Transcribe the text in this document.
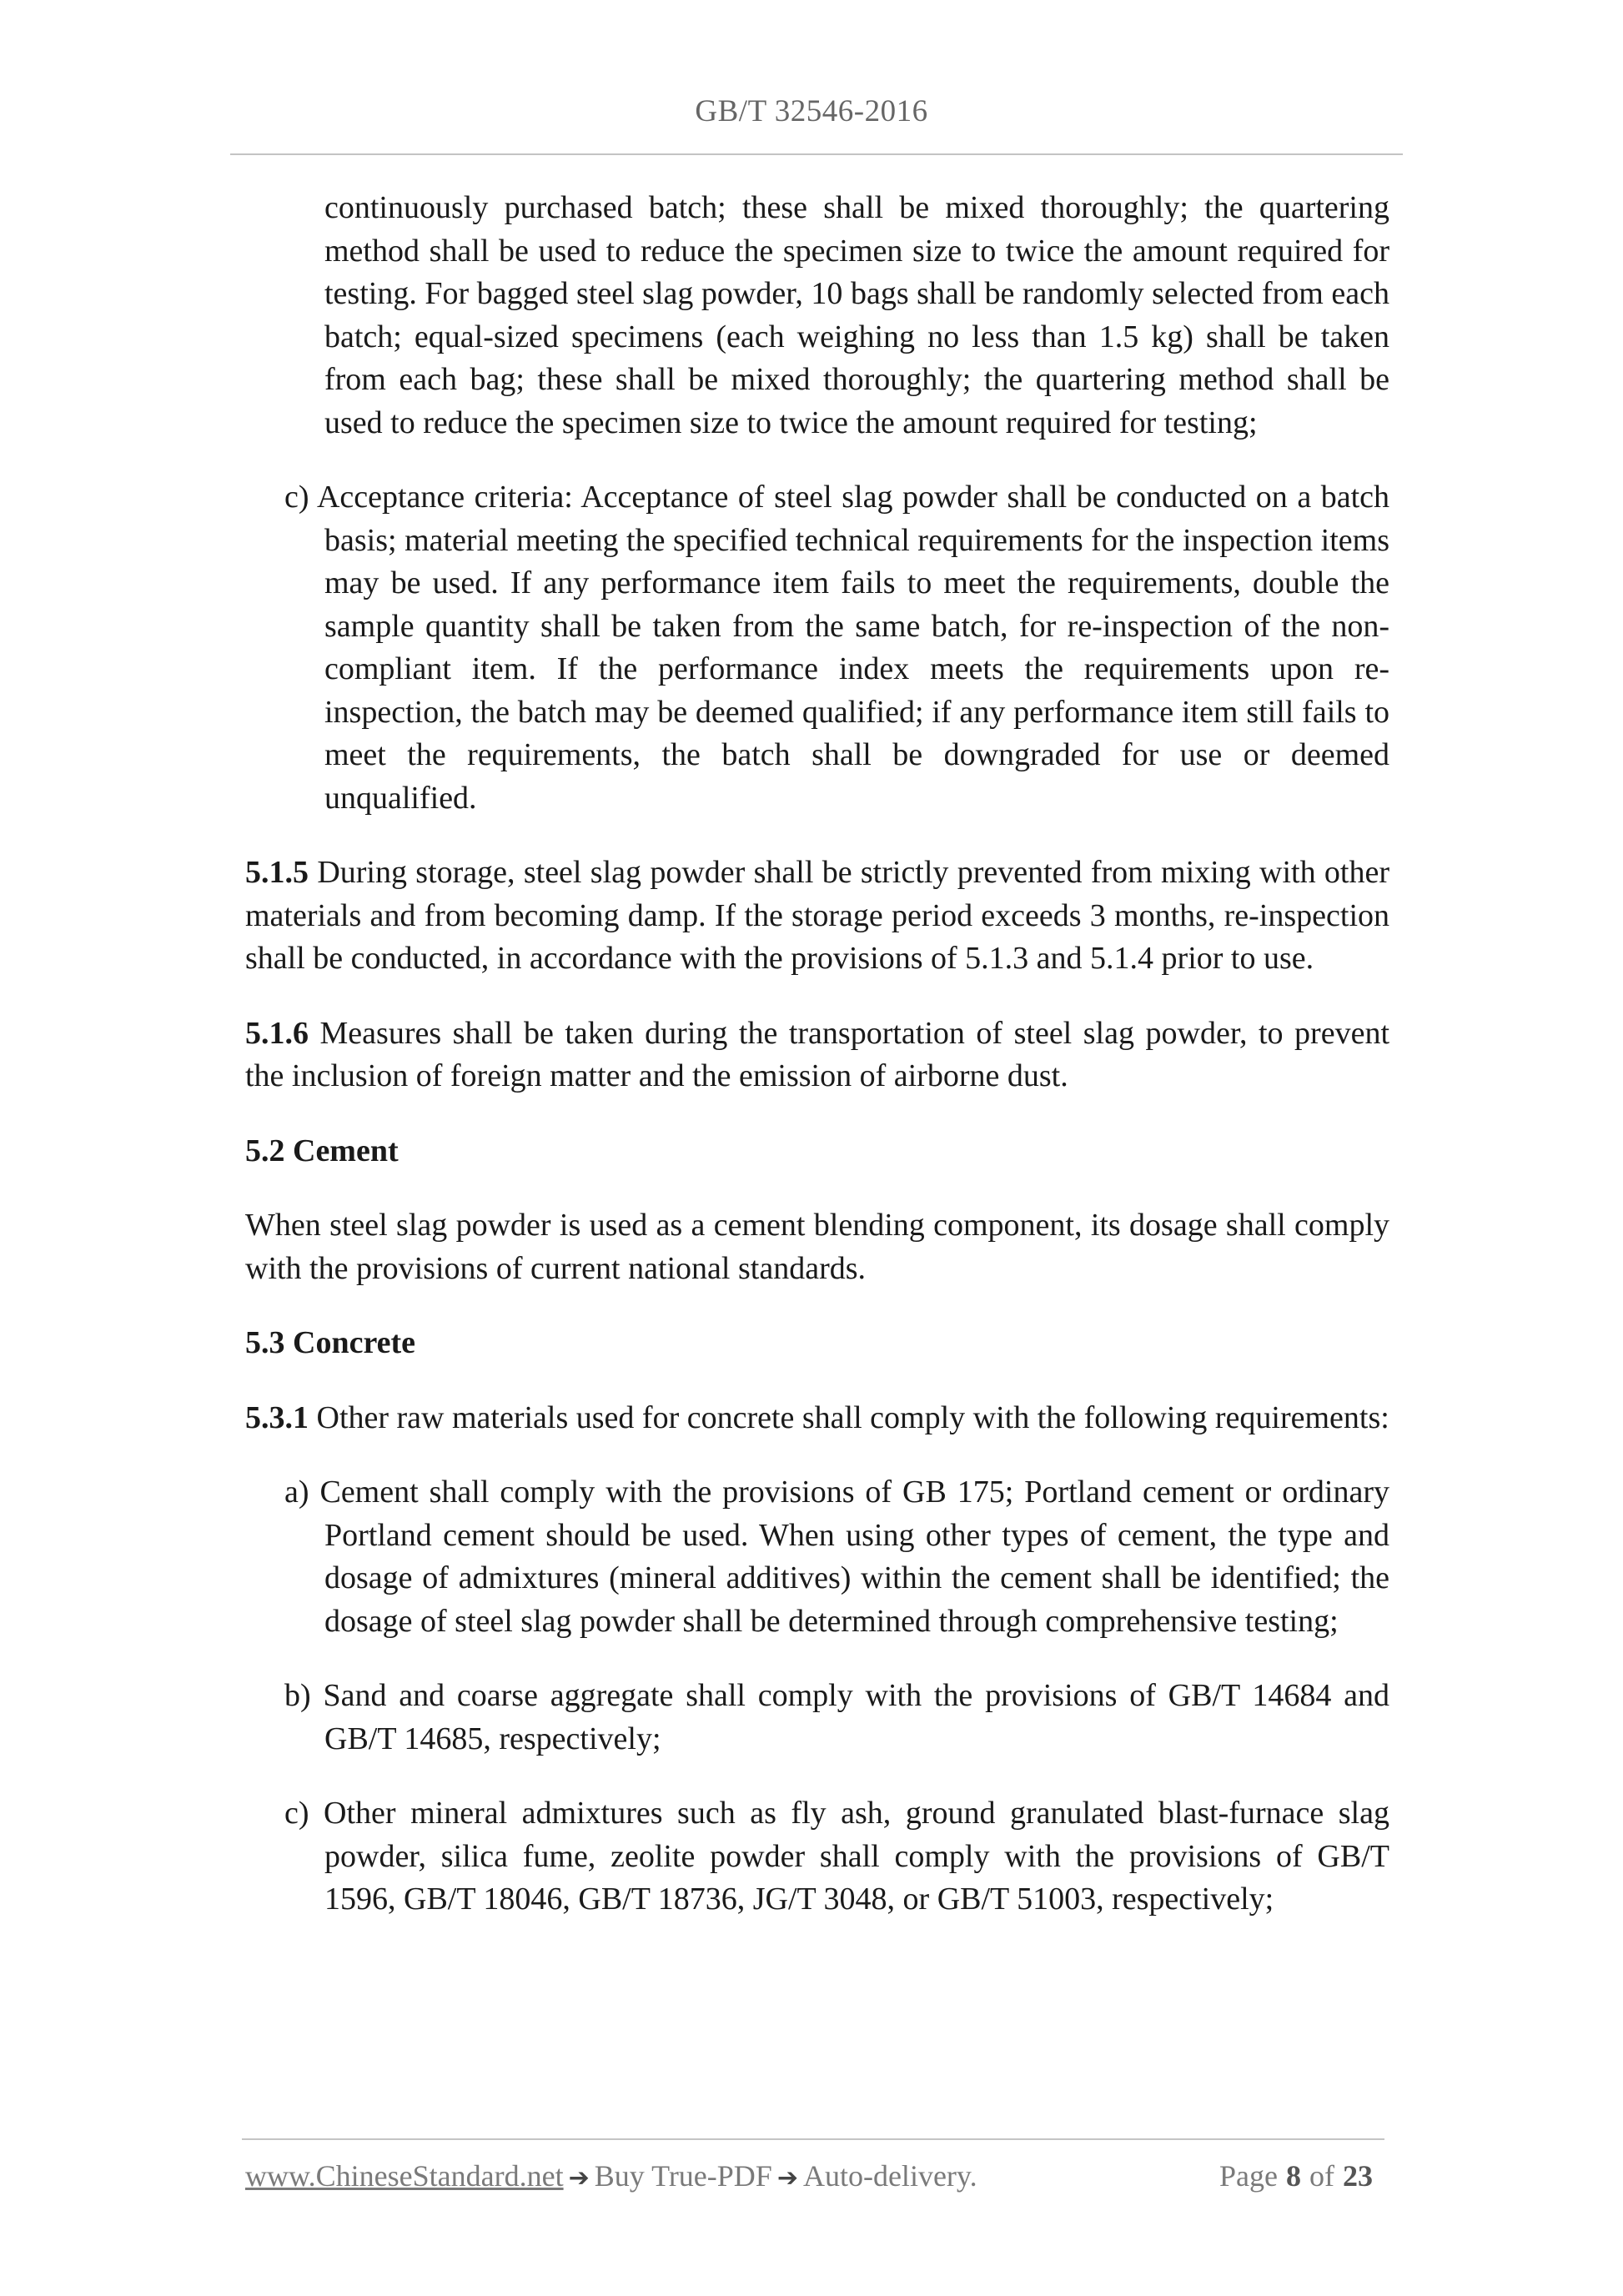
GB/T 32546-2016

continuously purchased batch; these shall be mixed thoroughly; the quartering method shall be used to reduce the specimen size to twice the amount required for testing. For bagged steel slag powder, 10 bags shall be randomly selected from each batch; equal-sized specimens (each weighing no less than 1.5 kg) shall be taken from each bag; these shall be mixed thoroughly; the quartering method shall be used to reduce the specimen size to twice the amount required for testing;

c) Acceptance criteria: Acceptance of steel slag powder shall be conducted on a batch basis; material meeting the specified technical requirements for the inspection items may be used. If any performance item fails to meet the requirements, double the sample quantity shall be taken from the same batch, for re-inspection of the non-compliant item. If the performance index meets the requirements upon re-inspection, the batch may be deemed qualified; if any performance item still fails to meet the requirements, the batch shall be downgraded for use or deemed unqualified.

5.1.5 During storage, steel slag powder shall be strictly prevented from mixing with other materials and from becoming damp. If the storage period exceeds 3 months, re-inspection shall be conducted, in accordance with the provisions of 5.1.3 and 5.1.4 prior to use.

5.1.6 Measures shall be taken during the transportation of steel slag powder, to prevent the inclusion of foreign matter and the emission of airborne dust.

5.2 Cement

When steel slag powder is used as a cement blending component, its dosage shall comply with the provisions of current national standards.

5.3 Concrete

5.3.1 Other raw materials used for concrete shall comply with the following requirements:

a) Cement shall comply with the provisions of GB 175; Portland cement or ordinary Portland cement should be used. When using other types of cement, the type and dosage of admixtures (mineral additives) within the cement shall be identified; the dosage of steel slag powder shall be determined through comprehensive testing;

b) Sand and coarse aggregate shall comply with the provisions of GB/T 14684 and GB/T 14685, respectively;

c) Other mineral admixtures such as fly ash, ground granulated blast-furnace slag powder, silica fume, zeolite powder shall comply with the provisions of GB/T 1596, GB/T 18046, GB/T 18736, JG/T 3048, or GB/T 51003, respectively;

www.ChineseStandard.net ➔ Buy True-PDF ➔ Auto-delivery.	Page 8 of 23
